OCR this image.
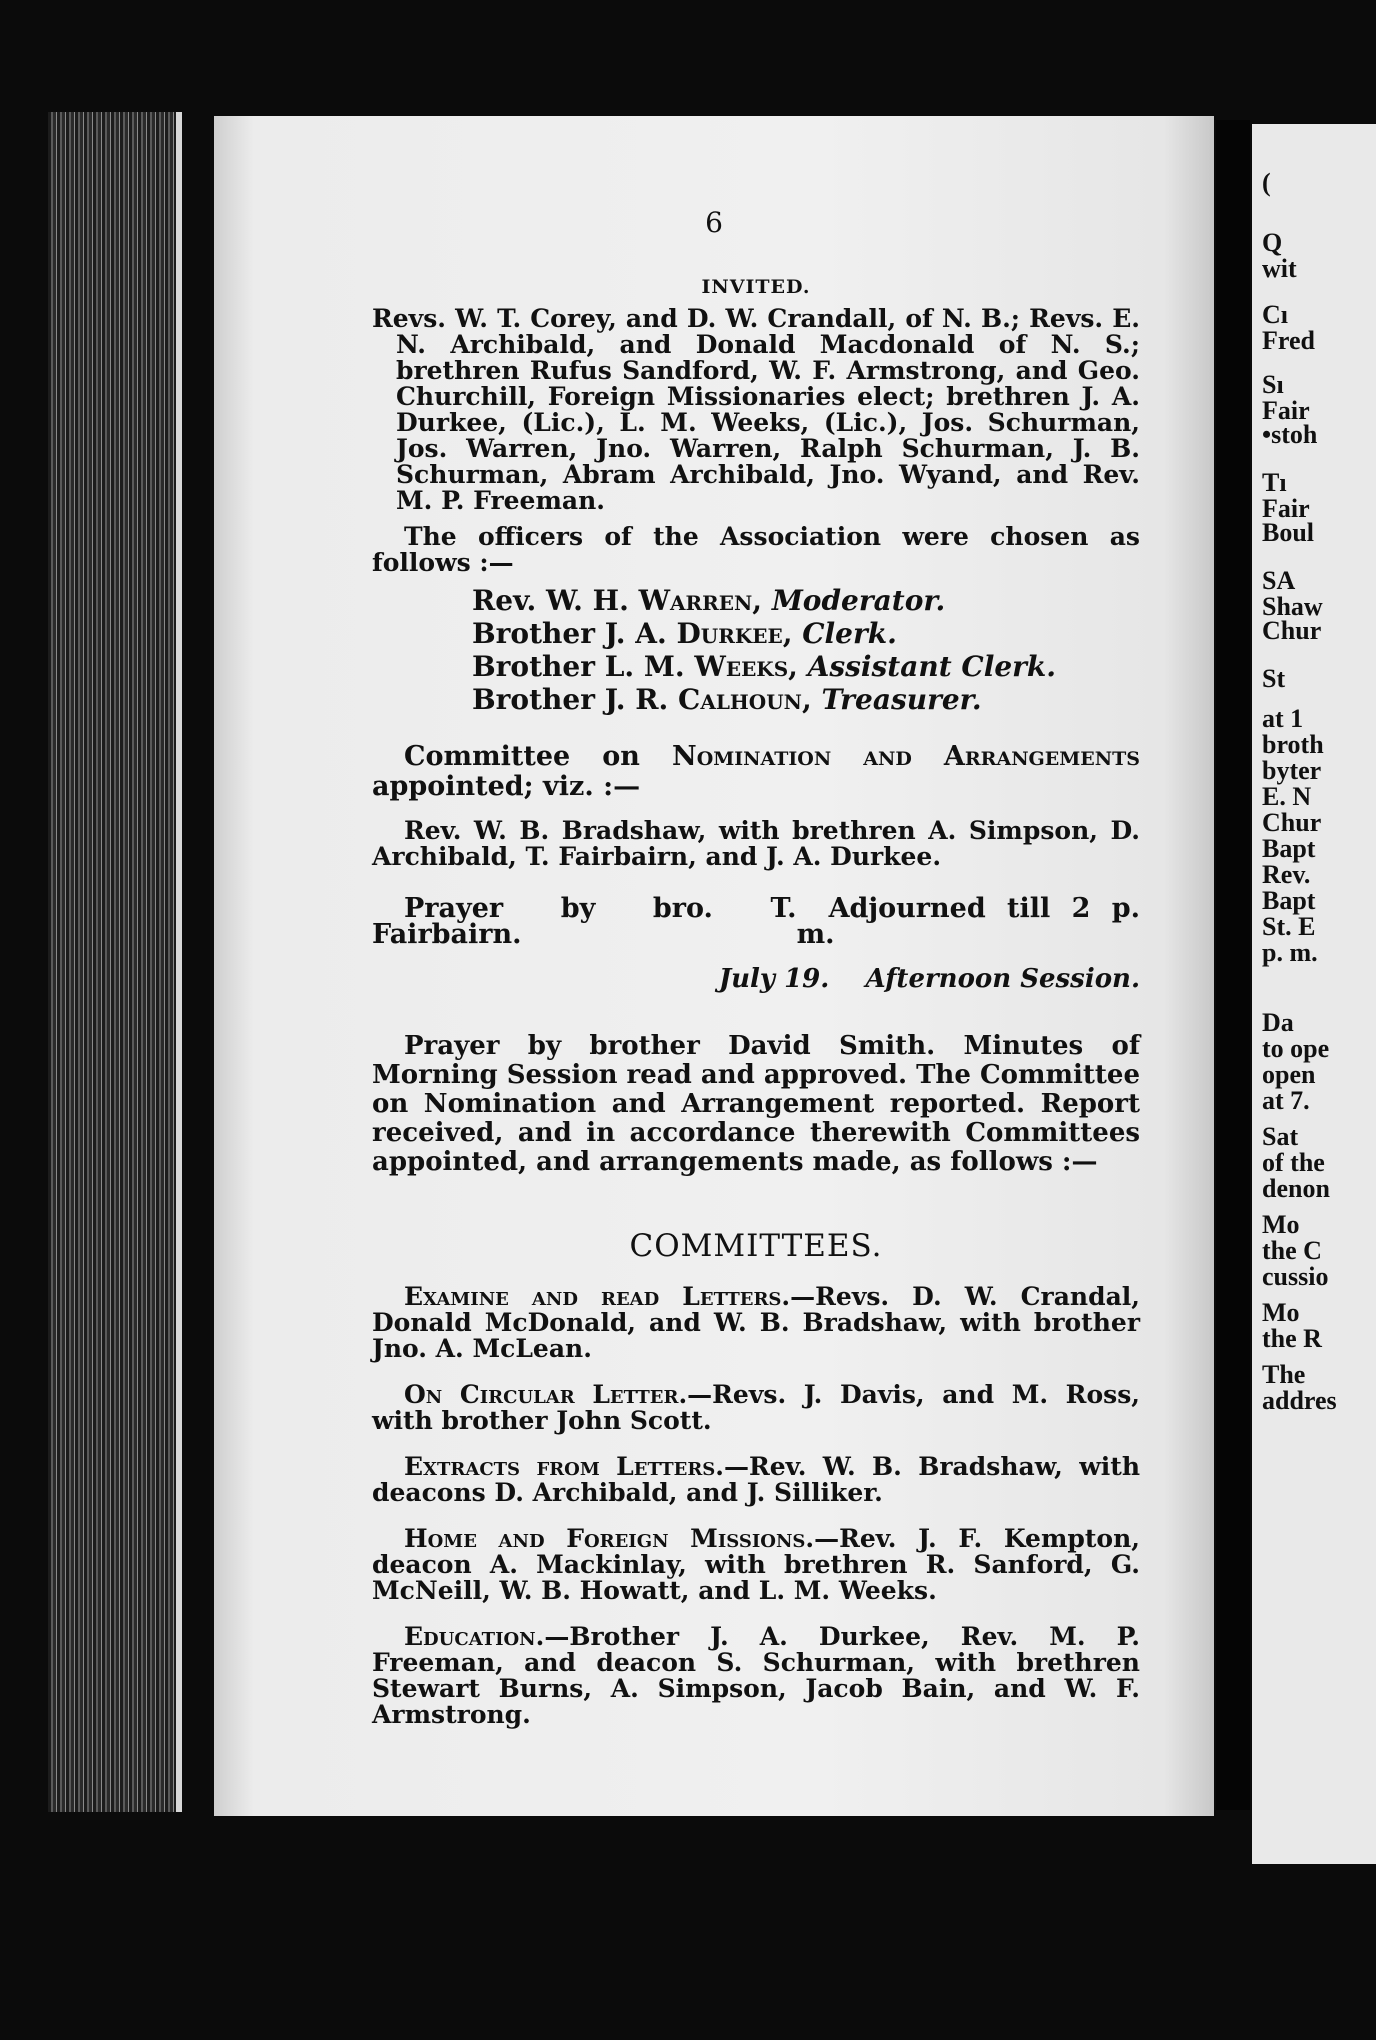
6
INVITED.

Revs. W. T. Corey, and D. W. Crandall, of N. B.; Revs. E. N. Archibald, and Donald Macdonald of N. S.; brethren Rufus Sandford, W. F. Armstrong, and Geo. Churchill, Foreign Missionaries elect; brethren J. A. Durkee, (Lic.), L. M. Weeks, (Lic.), Jos. Schurman, Jos. Warren, Jno. Warren, Ralph Schurman, J. B. Schurman, Abram Archibald, Jno. Wyand, and Rev. M. P. Freeman.

The officers of the Association were chosen as follows :—

Rev. W. H. Warren, Moderator.
Brother J. A. Durkee, Clerk.
Brother L. M. Weeks, Assistant Clerk.
Brother J. R. Calhoun, Treasurer.

Committee on Nomination and Arrangements appointed; viz. :—

Rev. W. B. Bradshaw, with brethren A. Simpson, D. Archibald, T. Fairbairn, and J. A. Durkee.

Prayer by bro. T. Fairbairn.
Adjourned till 2 p. m.

July 19. Afternoon Session.

Prayer by brother David Smith. Minutes of Morning Session read and approved. The Committee on Nomination and Arrangement reported. Report received, and in accordance therewith Committees appointed, and arrangements made, as follows :—

COMMITTEES.

Examine and read Letters.—Revs. D. W. Crandal, Donald McDonald, and W. B. Bradshaw, with brother Jno. A. McLean.

On Circular Letter.—Revs. J. Davis, and M. Ross, with brother John Scott.

Extracts from Letters.—Rev. W. B. Bradshaw, with deacons D. Archibald, and J. Silliker.

Home and Foreign Missions.—Rev. J. F. Kempton, deacon A. Mackinlay, with brethren R. Sanford, G. McNeill, W. B. Howatt, and L. M. Weeks.

Education.—Brother J. A. Durkee, Rev. M. P. Freeman, and deacon S. Schurman, with brethren Stewart Burns, A. Simpson, Jacob Bain, and W. F. Armstrong.

(
Q
wit
Cı
Fred
Sı
Fair
•stoh
Tı
Fair
Boul
SA
Shaw
Chur
St
at 1
broth
byter
E. N
Chur
Bapt
Rev.
Bapt
St. E
p. m.
Da
to ope
open
at 7.
Sat
of the
denon
Mo
the C
cussio
Mo
the R
The
addres
